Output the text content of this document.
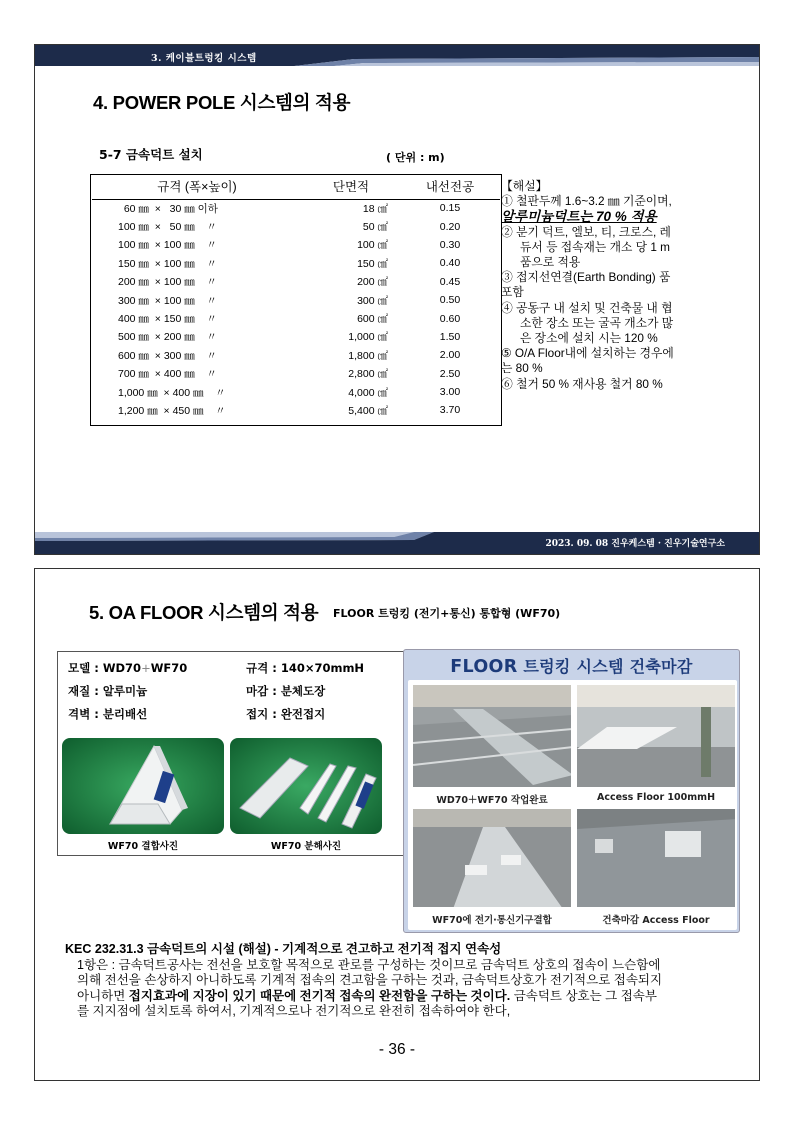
3. 케이블트렁킹 시스템
4. POWER POLE 시스템의 적용
5-7 금속덕트 설치	( 단위 : m)
규격 (폭×높이)	단면적	내선전공
60 ㎜  ×   30 ㎜ 이하	18 ㎠	0.15
100 ㎜  ×   50 ㎜    〃	50 ㎠	0.20
100 ㎜  × 100 ㎜    〃	100 ㎠	0.30
150 ㎜  × 100 ㎜    〃	150 ㎠	0.40
200 ㎜  × 100 ㎜    〃	200 ㎠	0.45
300 ㎜  × 100 ㎜    〃	300 ㎠	0.50
400 ㎜  × 150 ㎜    〃	600 ㎠	0.60
500 ㎜  × 200 ㎜    〃	1,000 ㎠	1.50
600 ㎜  × 300 ㎜    〃	1,800 ㎠	2.00
700 ㎜  × 400 ㎜    〃	2,800 ㎠	2.50
1,000 ㎜  × 400 ㎜    〃	4,000 ㎠	3.00
1,200 ㎜  × 450 ㎜    〃	5,400 ㎠	3.70
【해설】
① 철판두께 1.6~3.2 ㎜ 기준이며,
알루미늄덕트는 70 % 적용
② 분기 덕트, 엘보, 티, 크로스, 레
듀서 등 접속재는 개소 당 1 m
품으로 적용
③ 접지선연결(Earth Bonding) 품
포함
④ 공동구 내 설치 및 건축물 내 협
소한 장소 또는 굴곡 개소가 많
은 장소에 설치 시는 120 %
⑤ O/A Floor내에 설치하는 경우에
는 80 %
⑥ 철거 50 % 재사용 철거 80 %
2023. 09. 08 진우케스템 · 진우기술연구소
5. OA FLOOR 시스템의 적용 FLOOR 트렁킹 (전기+통신) 통합형 (WF70)
모델 : WD70+WF70
재질 : 알루미늄
격벽 : 분리배선
규격 : 140×70mmH
마감 : 분체도장
접지 : 완전접지
WF70 결합사진	WF70 분해사진
FLOOR 트렁킹 시스템 건축마감
WD70＋WF70 작업완료	Access Floor 100mmH
WF70에 전기·통신기구결합	건축마감 Access Floor
KEC 232.31.3 금속덕트의 시설 (해설) - 기계적으로 견고하고 전기적 접지 연속성
1항은 : 금속덕트공사는 전선을 보호할 목적으로 관로를 구성하는 것이므로 금속덕트 상호의 접속이 느슨함에
의해 전선을 손상하지 아니하도록 기계적 접속의 견고함을 구하는 것과, 금속덕트상호가 전기적으로 접속되지
아니하면 접지효과에 지장이 있기 때문에 전기적 접속의 완전함을 구하는 것이다. 금속덕트 상호는 그 접속부
를 지지점에 설치토록 하여서, 기계적으로나 전기적으로 완전히 접속하여야 한다,
- 36 -
